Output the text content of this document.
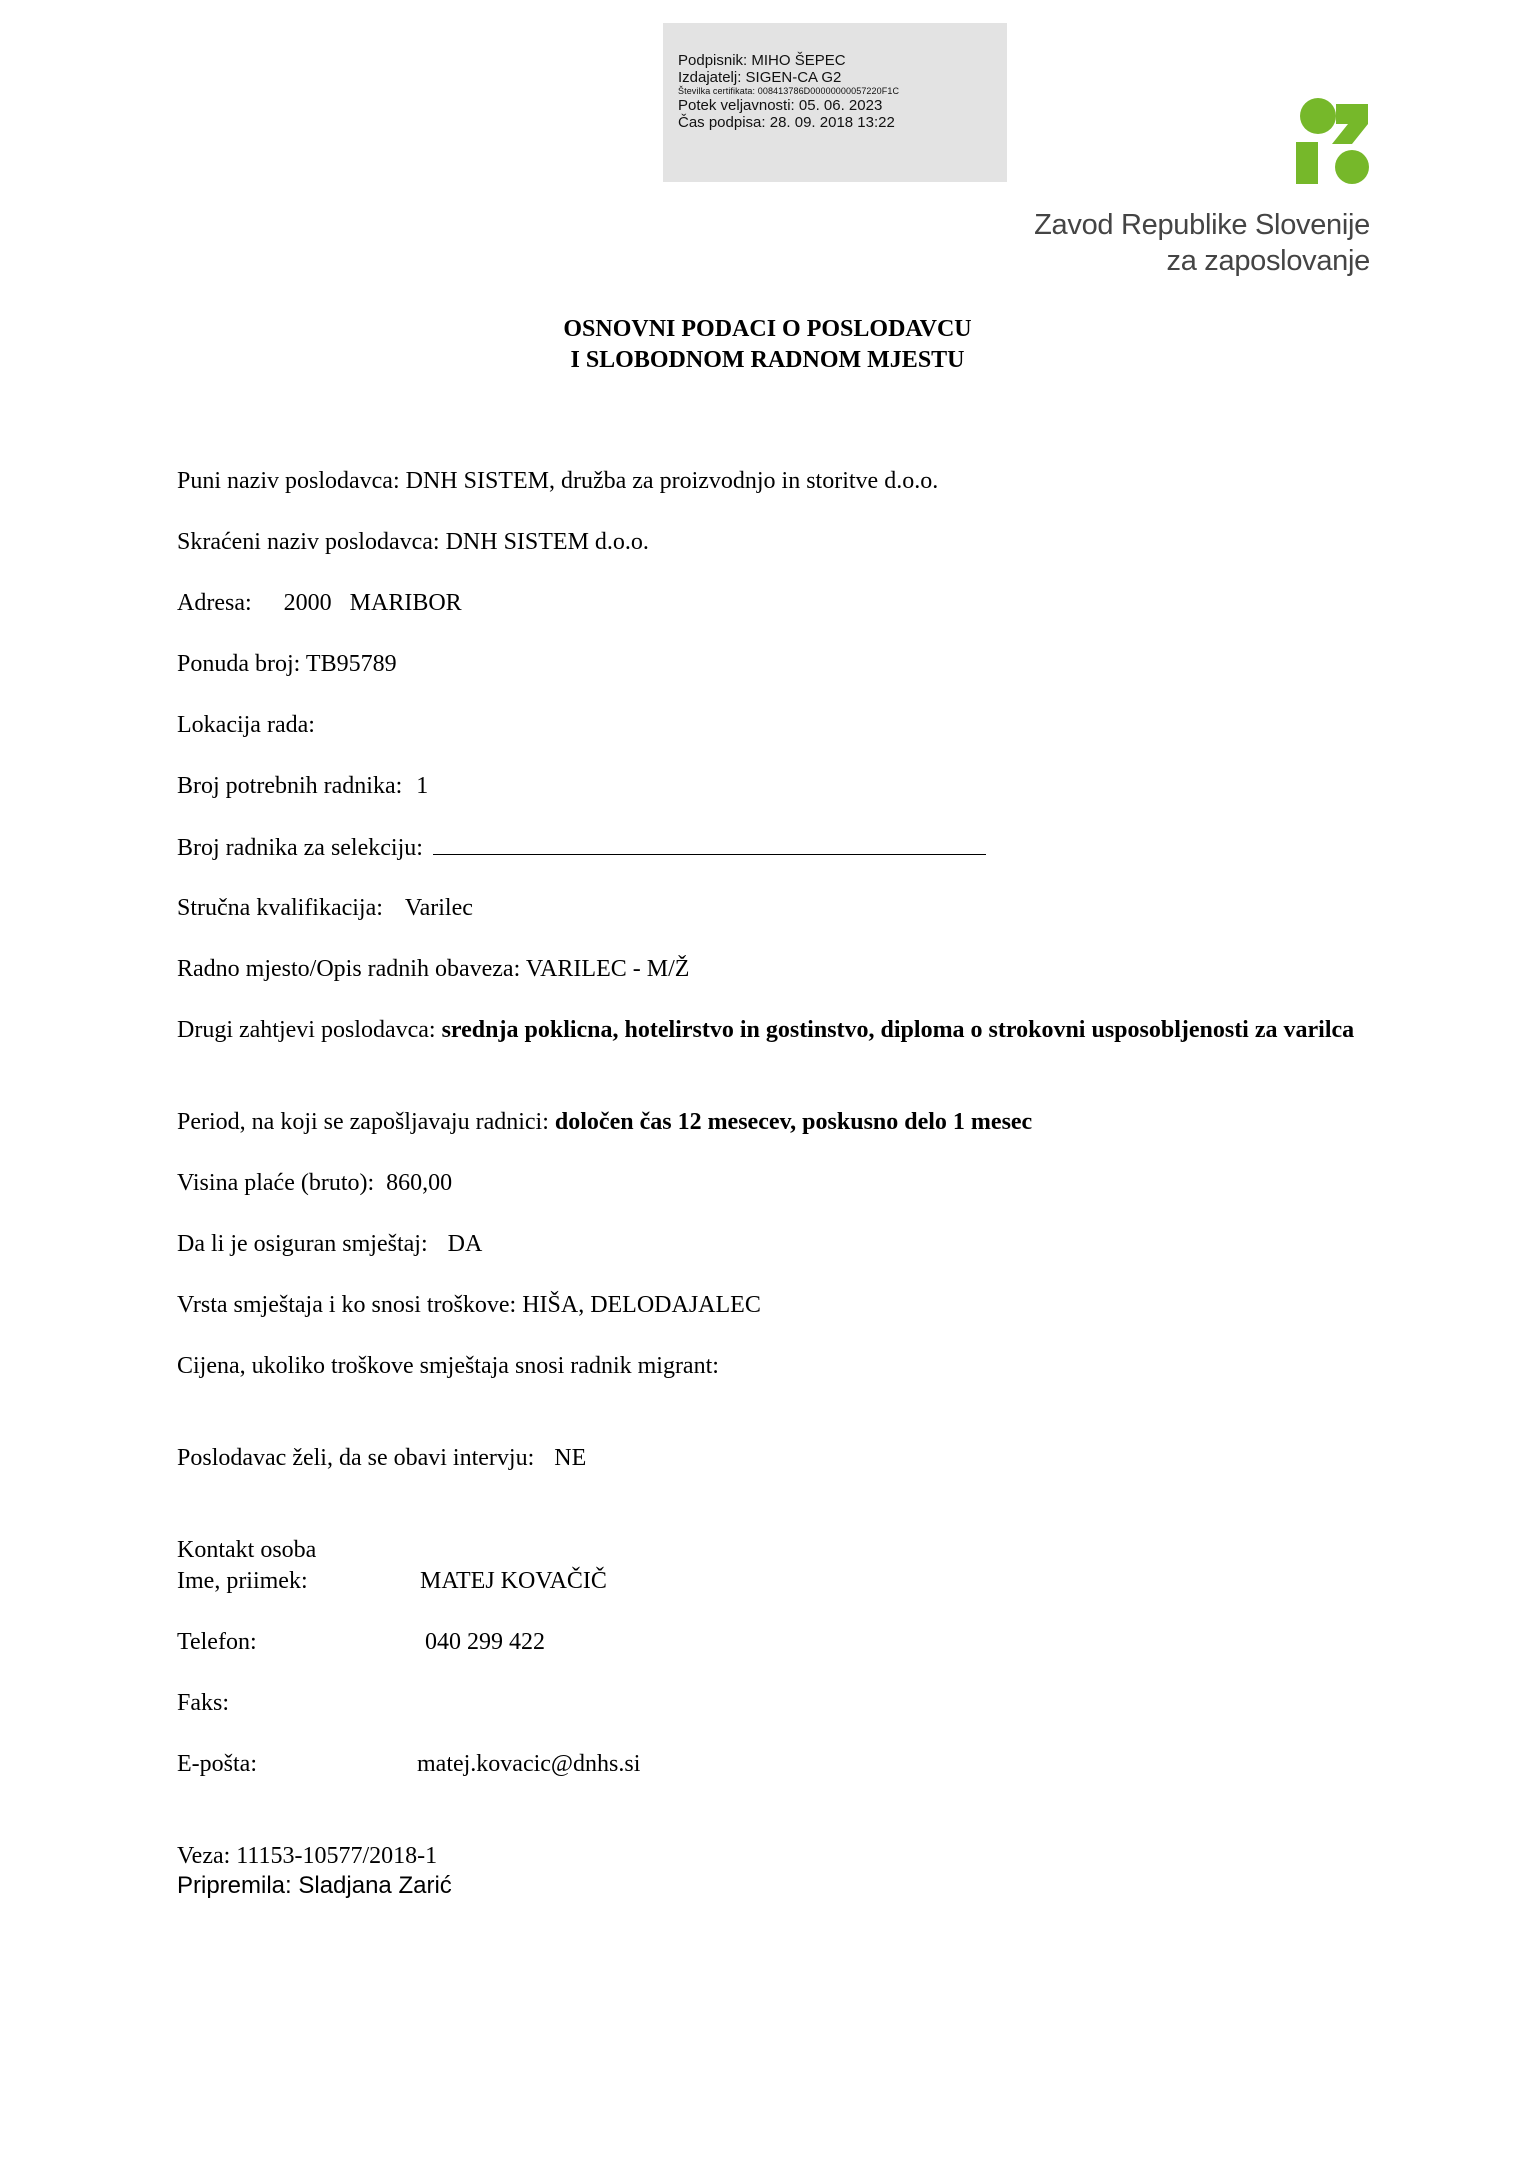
Podpisnik: MIHO ŠEPEC
Izdajatelj: SIGEN-CA G2
Številka certifikata: 008413786D00000000057220F1C
Potek veljavnosti: 05. 06. 2023
Čas podpisa: 28. 09. 2018 13:22
Zavod Republike Slovenije
za zaposlovanje
OSNOVNI PODACI O POSLODAVCU
I SLOBODNOM RADNOM MJESTU
Puni naziv poslodavca: DNH SISTEM, družba za proizvodnjo in storitve d.o.o.
Skraćeni naziv poslodavca: DNH SISTEM d.o.o.
Adresa: 2000 MARIBOR
Ponuda broj: TB95789
Lokacija rada:
Broj potrebnih radnika: 1
Broj radnika za selekciju:
Stručna kvalifikacija: Varilec
Radno mjesto/Opis radnih obaveza: VARILEC - M/Ž
Drugi zahtjevi poslodavca: srednja poklicna, hotelirstvo in gostinstvo, diploma o strokovni usposobljenosti za varilca
Period, na koji se zapošljavaju radnici: določen čas 12 mesecev, poskusno delo 1 mesec
Visina plaće (bruto): 860,00
Da li je osiguran smještaj: DA
Vrsta smještaja i ko snosi troškove: HIŠA, DELODAJALEC
Cijena, ukoliko troškove smještaja snosi radnik migrant:
Poslodavac želi, da se obavi intervju: NE
Kontakt osoba
Ime, priimek:	MATEJ KOVAČIČ
Telefon:	040 299 422
Faks:
E-pošta:	matej.kovacic@dnhs.si
Veza: 11153-10577/2018-1
Pripremila: Sladjana Zarić
